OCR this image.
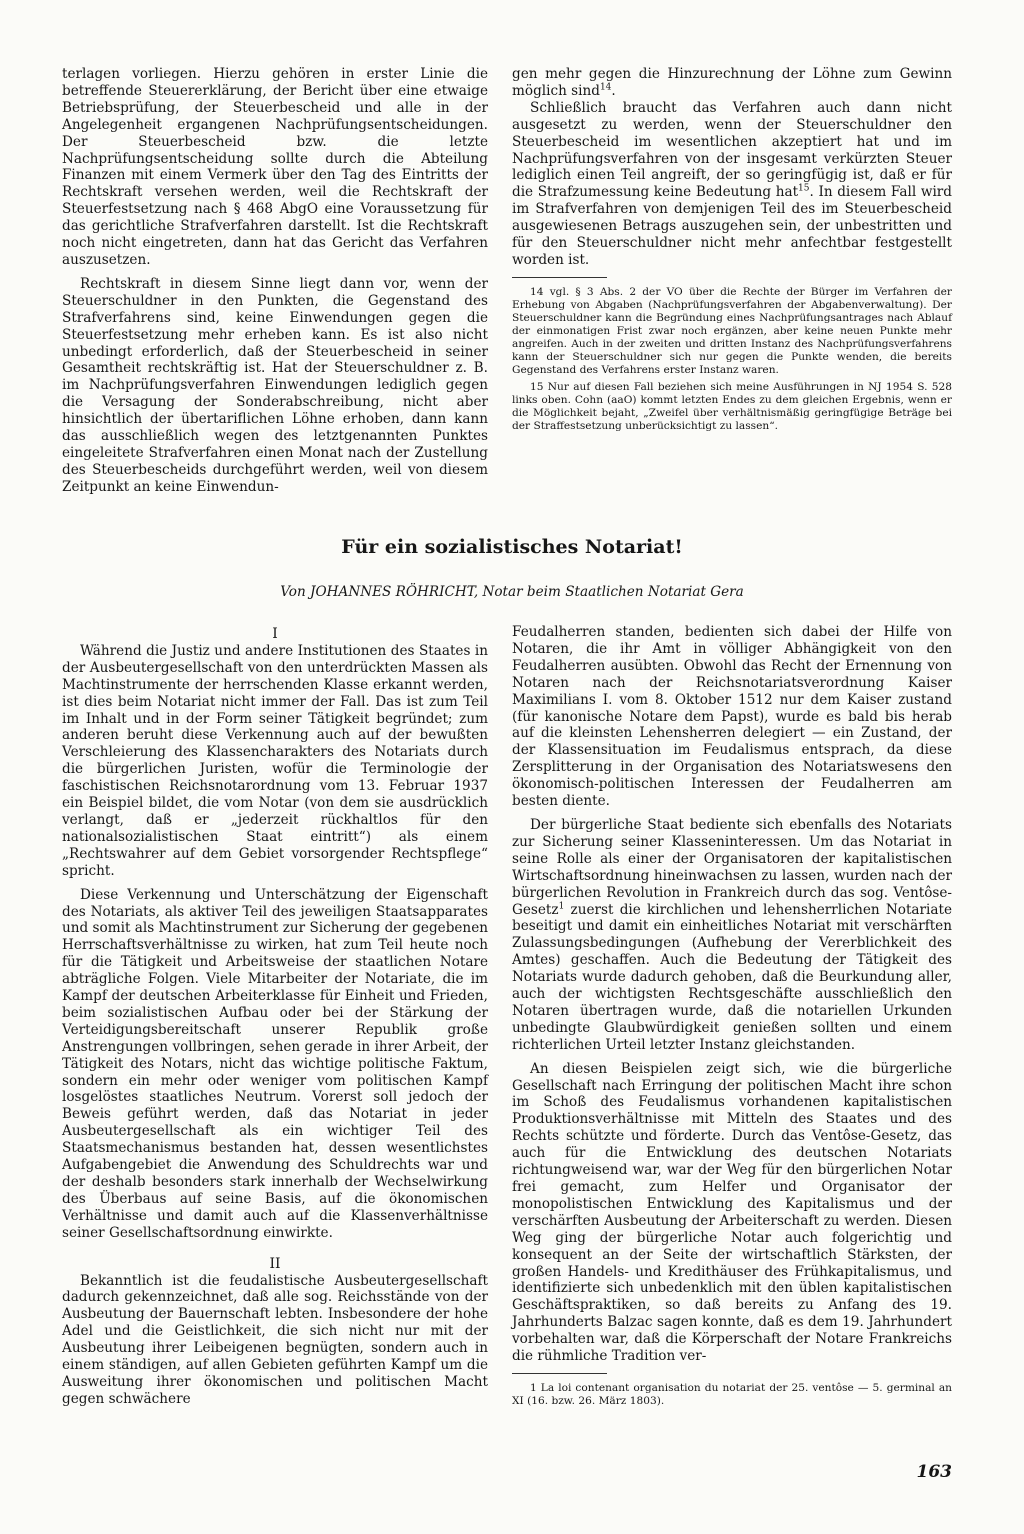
terlagen vorliegen. Hierzu gehören in erster Linie die betreffende Steuererklärung, der Bericht über eine etwaige Betriebsprüfung, der Steuerbescheid und alle in der Angelegenheit ergangenen Nachprüfungsentscheidungen. Der Steuerbescheid bzw. die letzte Nachprüfungsentscheidung sollte durch die Abteilung Finanzen mit einem Vermerk über den Tag des Eintritts der Rechtskraft versehen werden, weil die Rechtskraft der Steuerfestsetzung nach § 468 AbgO eine Voraussetzung für das gerichtliche Strafverfahren darstellt. Ist die Rechtskraft noch nicht eingetreten, dann hat das Gericht das Verfahren auszusetzen.

Rechtskraft in diesem Sinne liegt dann vor, wenn der Steuerschuldner in den Punkten, die Gegenstand des Strafverfahrens sind, keine Einwendungen gegen die Steuerfestsetzung mehr erheben kann. Es ist also nicht unbedingt erforderlich, daß der Steuerbescheid in seiner Gesamtheit rechtskräftig ist. Hat der Steuerschuldner z. B. im Nachprüfungsverfahren Einwendungen lediglich gegen die Versagung der Sonderabschreibung, nicht aber hinsichtlich der übertariflichen Löhne erhoben, dann kann das ausschließlich wegen des letztgenannten Punktes eingeleitete Strafverfahren einen Monat nach der Zustellung des Steuerbescheids durchgeführt werden, weil von diesem Zeitpunkt an keine Einwendun-

gen mehr gegen die Hinzurechnung der Löhne zum Gewinn möglich sind$^{14}$.

Schließlich braucht das Verfahren auch dann nicht ausgesetzt zu werden, wenn der Steuerschuldner den Steuerbescheid im wesentlichen akzeptiert hat und im Nachprüfungsverfahren von der insgesamt verkürzten Steuer lediglich einen Teil angreift, der so geringfügig ist, daß er für die Strafzumessung keine Bedeutung hat$^{15}$. In diesem Fall wird im Strafverfahren von demjenigen Teil des im Steuerbescheid ausgewiesenen Betrags auszugehen sein, der unbestritten und für den Steuerschuldner nicht mehr anfechtbar festgestellt worden ist.

14 vgl. § 3 Abs. 2 der VO über die Rechte der Bürger im Verfahren der Erhebung von Abgaben (Nachprüfungsverfahren der Abgabenverwaltung). Der Steuerschuldner kann die Begründung eines Nachprüfungsantrages nach Ablauf der einmonatigen Frist zwar noch ergänzen, aber keine neuen Punkte mehr angreifen. Auch in der zweiten und dritten Instanz des Nachprüfungsverfahrens kann der Steuerschuldner sich nur gegen die Punkte wenden, die bereits Gegenstand des Verfahrens erster Instanz waren.

15 Nur auf diesen Fall beziehen sich meine Ausführungen in NJ 1954 S. 528 links oben. Cohn (aaO) kommt letzten Endes zu dem gleichen Ergebnis, wenn er die Möglichkeit bejaht, „Zweifel über verhältnismäßig geringfügige Beträge bei der Straffestsetzung unberücksichtigt zu lassen“.

Für ein sozialistisches Notariat!
Von JOHANNES RÖHRICHT, Notar beim Staatlichen Notariat Gera

I

Während die Justiz und andere Institutionen des Staates in der Ausbeutergesellschaft von den unterdrückten Massen als Machtinstrumente der herrschenden Klasse erkannt werden, ist dies beim Notariat nicht immer der Fall. Das ist zum Teil im Inhalt und in der Form seiner Tätigkeit begründet; zum anderen beruht diese Verkennung auch auf der bewußten Verschleierung des Klassencharakters des Notariats durch die bürgerlichen Juristen, wofür die Terminologie der faschistischen Reichsnotarordnung vom 13. Februar 1937 ein Beispiel bildet, die vom Notar (von dem sie ausdrücklich verlangt, daß er „jederzeit rückhaltlos für den nationalsozialistischen Staat eintritt“) als einem „Rechtswahrer auf dem Gebiet vorsorgender Rechtspflege“ spricht.

Diese Verkennung und Unterschätzung der Eigenschaft des Notariats, als aktiver Teil des jeweiligen Staatsapparates und somit als Machtinstrument zur Sicherung der gegebenen Herrschaftsverhältnisse zu wirken, hat zum Teil heute noch für die Tätigkeit und Arbeitsweise der staatlichen Notare abträgliche Folgen. Viele Mitarbeiter der Notariate, die im Kampf der deutschen Arbeiterklasse für Einheit und Frieden, beim sozialistischen Aufbau oder bei der Stärkung der Verteidigungsbereitschaft unserer Republik große Anstrengungen vollbringen, sehen gerade in ihrer Arbeit, der Tätigkeit des Notars, nicht das wichtige politische Faktum, sondern ein mehr oder weniger vom politischen Kampf losgelöstes staatliches Neutrum. Vorerst soll jedoch der Beweis geführt werden, daß das Notariat in jeder Ausbeutergesellschaft als ein wichtiger Teil des Staatsmechanismus bestanden hat, dessen wesentlichstes Aufgabengebiet die Anwendung des Schuldrechts war und der deshalb besonders stark innerhalb der Wechselwirkung des Überbaus auf seine Basis, auf die ökonomischen Verhältnisse und damit auch auf die Klassenverhältnisse seiner Gesellschaftsordnung einwirkte.

II

Bekanntlich ist die feudalistische Ausbeutergesellschaft dadurch gekennzeichnet, daß alle sog. Reichsstände von der Ausbeutung der Bauernschaft lebten. Insbesondere der hohe Adel und die Geistlichkeit, die sich nicht nur mit der Ausbeutung ihrer Leibeigenen begnügten, sondern auch in einem ständigen, auf allen Gebieten geführten Kampf um die Ausweitung ihrer ökonomischen und politischen Macht gegen schwächere

Feudalherren standen, bedienten sich dabei der Hilfe von Notaren, die ihr Amt in völliger Abhängigkeit von den Feudalherren ausübten. Obwohl das Recht der Ernennung von Notaren nach der Reichsnotariatsverordnung Kaiser Maximilians I. vom 8. Oktober 1512 nur dem Kaiser zustand (für kanonische Notare dem Papst), wurde es bald bis herab auf die kleinsten Lehensherren delegiert — ein Zustand, der der Klassensituation im Feudalismus entsprach, da diese Zersplitterung in der Organisation des Notariatswesens den ökonomisch-politischen Interessen der Feudalherren am besten diente.

Der bürgerliche Staat bediente sich ebenfalls des Notariats zur Sicherung seiner Klasseninteressen. Um das Notariat in seine Rolle als einer der Organisatoren der kapitalistischen Wirtschaftsordnung hineinwachsen zu lassen, wurden nach der bürgerlichen Revolution in Frankreich durch das sog. Ventôse-Gesetz$^1$ zuerst die kirchlichen und lehensherrlichen Notariate beseitigt und damit ein einheitliches Notariat mit verschärften Zulassungsbedingungen (Aufhebung der Vererblichkeit des Amtes) geschaffen. Auch die Bedeutung der Tätigkeit des Notariats wurde dadurch gehoben, daß die Beurkundung aller, auch der wichtigsten Rechtsgeschäfte ausschließlich den Notaren übertragen wurde, daß die notariellen Urkunden unbedingte Glaubwürdigkeit genießen sollten und einem richterlichen Urteil letzter Instanz gleichstanden.

An diesen Beispielen zeigt sich, wie die bürgerliche Gesellschaft nach Erringung der politischen Macht ihre schon im Schoß des Feudalismus vorhandenen kapitalistischen Produktionsverhältnisse mit Mitteln des Staates und des Rechts schützte und förderte. Durch das Ventôse-Gesetz, das auch für die Entwicklung des deutschen Notariats richtungweisend war, war der Weg für den bürgerlichen Notar frei gemacht, zum Helfer und Organisator der monopolistischen Entwicklung des Kapitalismus und der verschärften Ausbeutung der Arbeiterschaft zu werden. Diesen Weg ging der bürgerliche Notar auch folgerichtig und konsequent an der Seite der wirtschaftlich Stärksten, der großen Handels- und Kredithäuser des Frühkapitalismus, und identifizierte sich unbedenklich mit den üblen kapitalistischen Geschäftspraktiken, so daß bereits zu Anfang des 19. Jahrhunderts Balzac sagen konnte, daß es dem 19. Jahrhundert vorbehalten war, daß die Körperschaft der Notare Frankreichs die rühmliche Tradition ver-

1 La loi contenant organisation du notariat der 25. ventôse — 5. germinal an XI (16. bzw. 26. März 1803).

163
